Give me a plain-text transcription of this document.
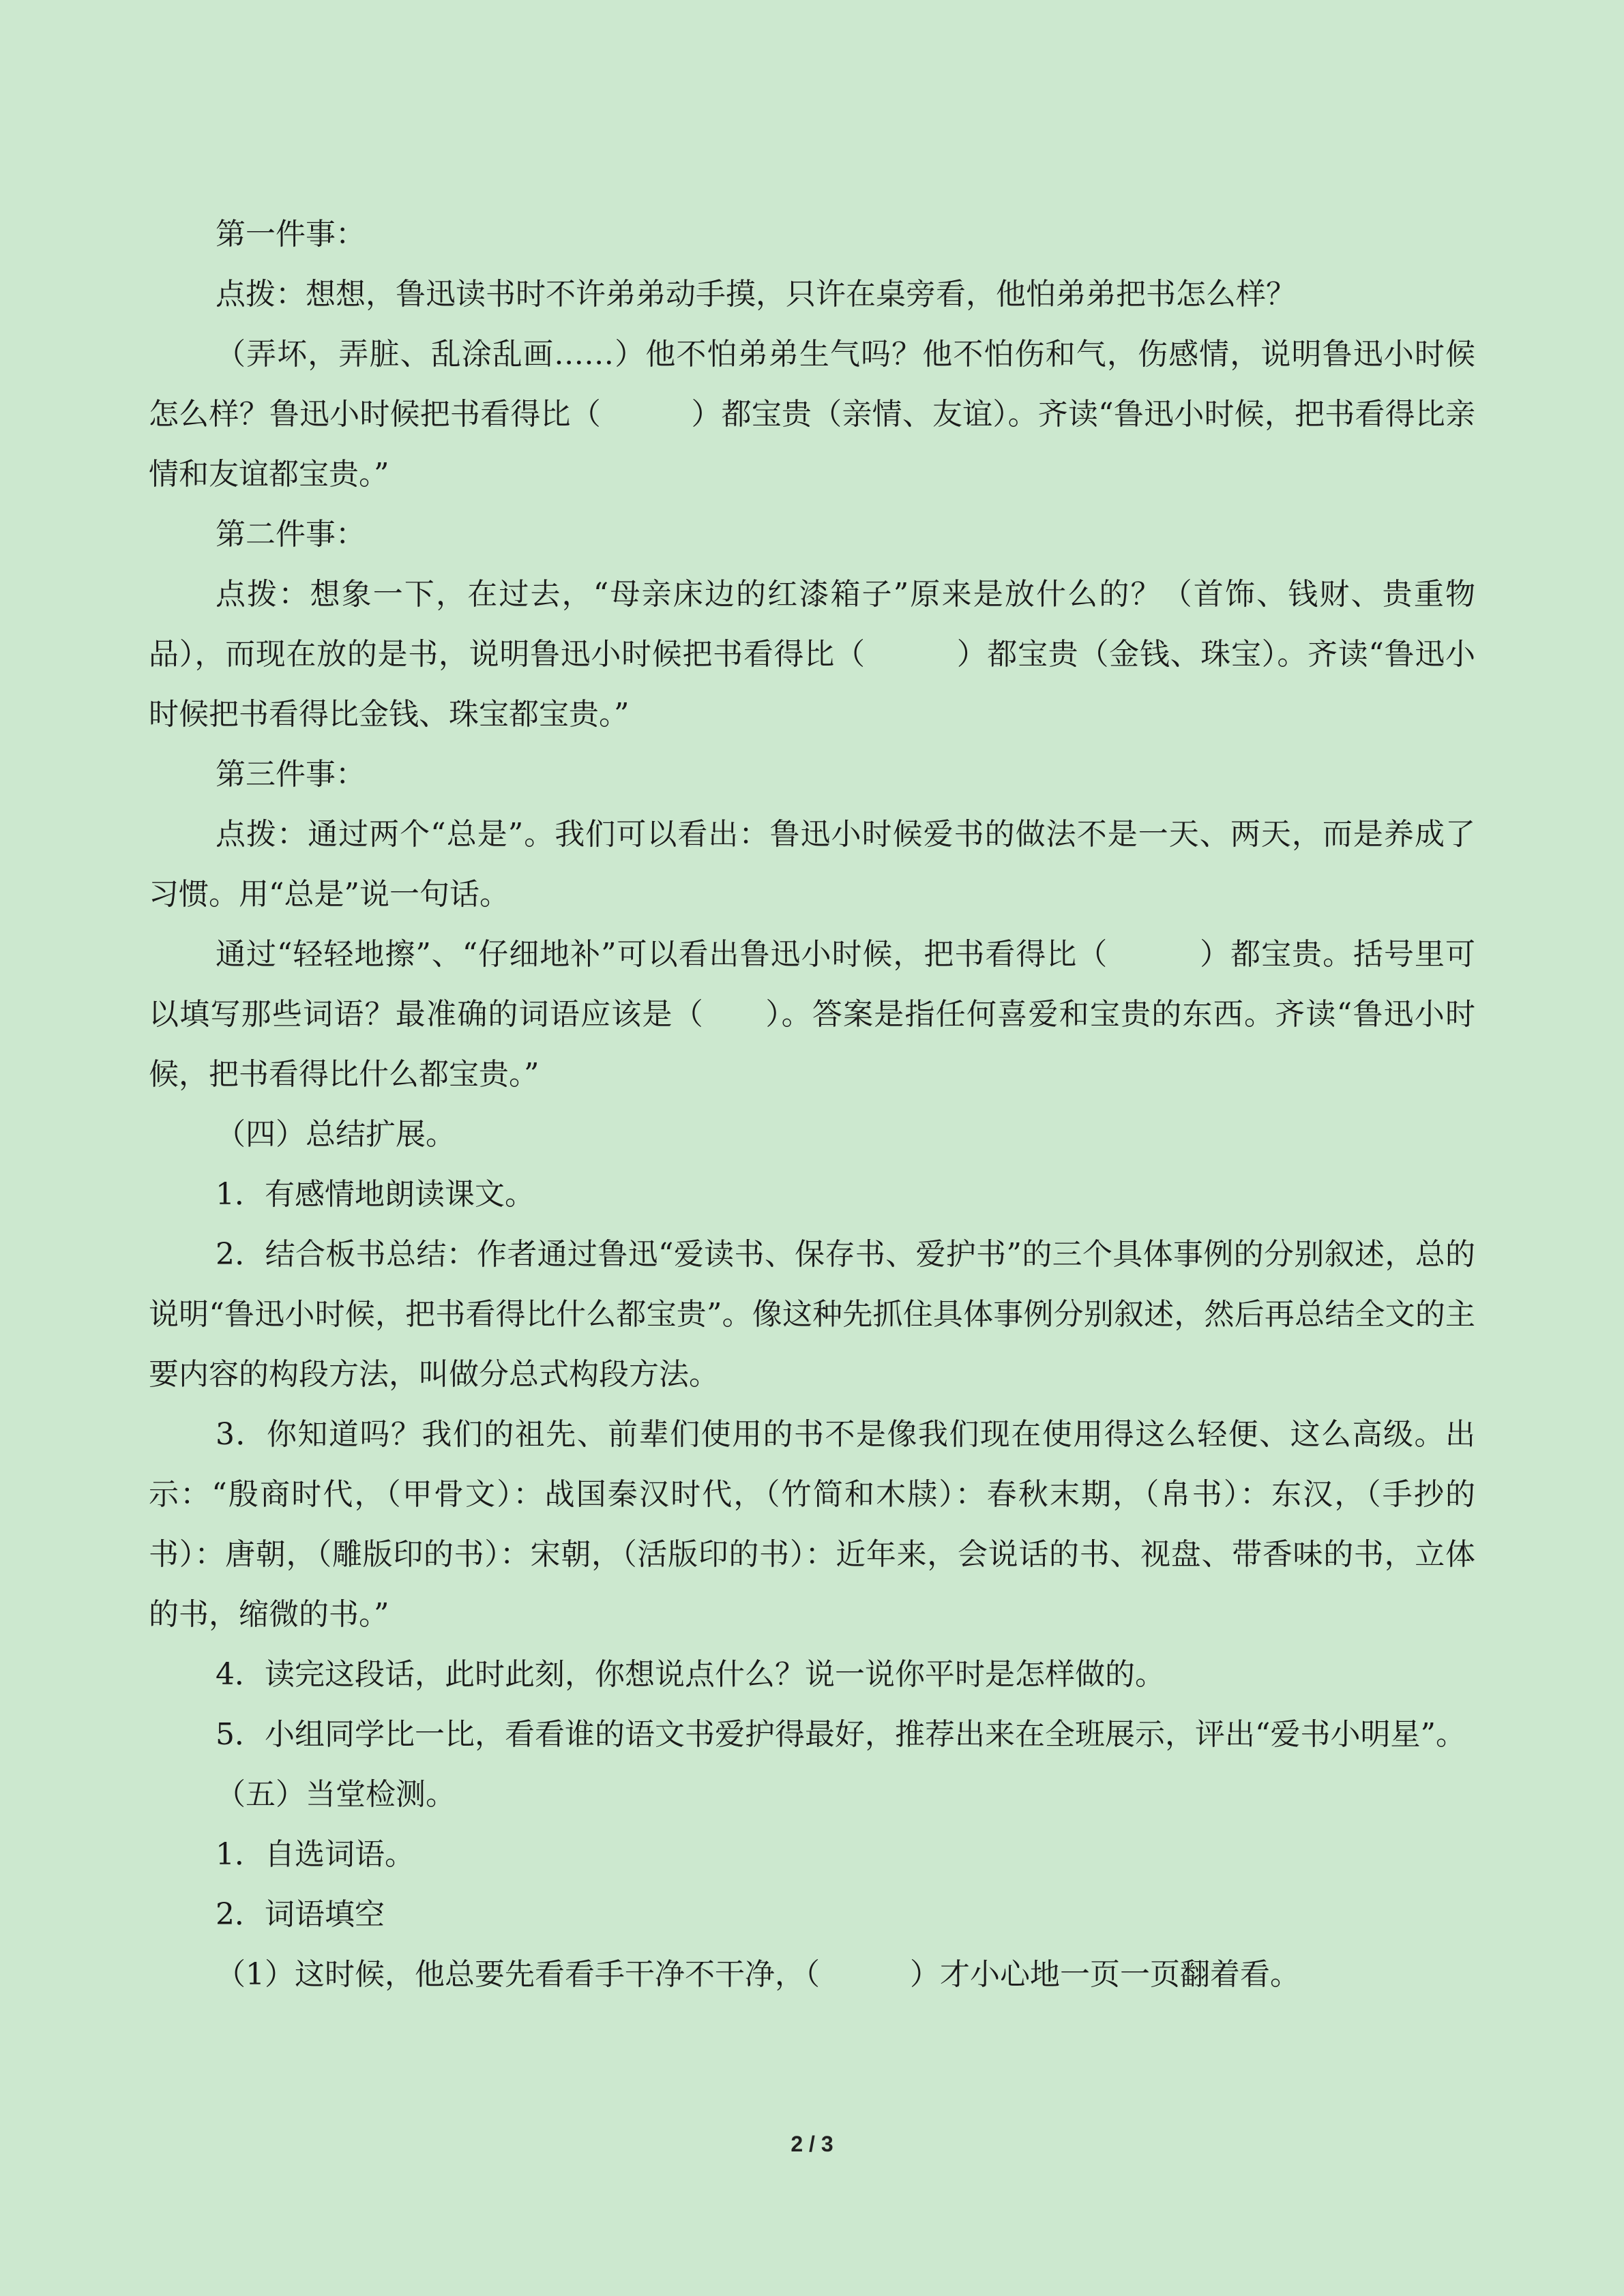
第一件事：

点拨：想想，鲁迅读书时不许弟弟动手摸，只许在桌旁看，他怕弟弟把书怎么样？

（弄坏，弄脏、乱涂乱画……）他不怕弟弟生气吗？他不怕伤和气，伤感情，说明鲁迅小时候怎么样？鲁迅小时候把书看得比（　　　）都宝贵（亲情、友谊）。齐读“鲁迅小时候，把书看得比亲情和友谊都宝贵。”

第二件事：

点拨：想象一下，在过去，“母亲床边的红漆箱子”原来是放什么的？（首饰、钱财、贵重物品），而现在放的是书，说明鲁迅小时候把书看得比（　　　）都宝贵（金钱、珠宝）。齐读“鲁迅小时候把书看得比金钱、珠宝都宝贵。”

第三件事：

点拨：通过两个“总是”。我们可以看出：鲁迅小时候爱书的做法不是一天、两天，而是养成了习惯。用“总是”说一句话。

通过“轻轻地擦”、“仔细地补”可以看出鲁迅小时候，把书看得比（　　　）都宝贵。括号里可以填写那些词语？最准确的词语应该是（　　）。答案是指任何喜爱和宝贵的东西。齐读“鲁迅小时候，把书看得比什么都宝贵。”

（四）总结扩展。

1．有感情地朗读课文。

2．结合板书总结：作者通过鲁迅“爱读书、保存书、爱护书”的三个具体事例的分别叙述，总的说明“鲁迅小时候，把书看得比什么都宝贵”。像这种先抓住具体事例分别叙述，然后再总结全文的主要内容的构段方法，叫做分总式构段方法。

3．你知道吗？我们的祖先、前辈们使用的书不是像我们现在使用得这么轻便、这么高级。出示：“殷商时代，（甲骨文）：战国秦汉时代，（竹简和木牍）：春秋末期，（帛书）：东汉，（手抄的书）：唐朝，（雕版印的书）：宋朝，（活版印的书）：近年来，会说话的书、视盘、带香味的书，立体的书，缩微的书。”

4．读完这段话，此时此刻，你想说点什么？说一说你平时是怎样做的。

5．小组同学比一比，看看谁的语文书爱护得最好，推荐出来在全班展示，评出“爱书小明星”。

（五）当堂检测。

1．自选词语。

2．词语填空

（1）这时候，他总要先看看手干净不干净，（　　　）才小心地一页一页翻着看。

2 / 3
